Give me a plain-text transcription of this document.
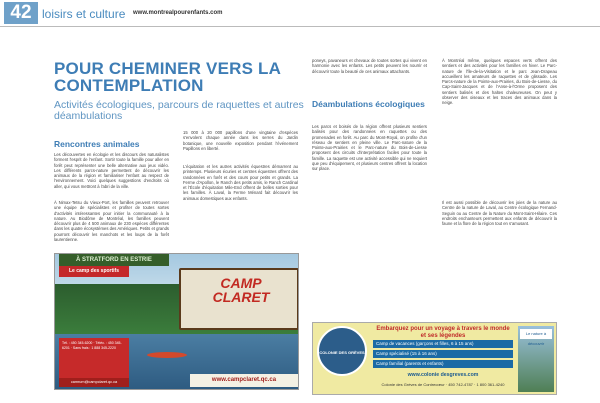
42 loisirs et culture www.montrealpourenfants.com
POUR CHEMINER VERS LA CONTEMPLATION
Activités écologiques, parcours de raquettes et autres déambulations
Rencontres animales
Les découvertes en écologie et les discours des naturalistes forment l'esprit de l'enfant. Sortir toute la famille pour aller en forêt peut représenter une belle alternative aux jeux vidéo. Les différents parcs-nature permettent de découvrir les animaux de la région et familiariser l'enfant au respect de l'environnement. Voici quelques suggestions d'endroits où aller, qui vous mettront à l'abri de la ville.
À Nimax-Tetsu du Vieux-Port, les familles peuvent retrouver une équipe de spécialistes et profiter de toutes sortes d'activités intéressantes pour initier la communauté à la nature. Au Biodôme de Montréal, les familles peuvent découvrir plus de 4 500 animaux de 230 espèces différentes dans les quatre écosystèmes des Amériques. Petits et grands pourront découvrir les manchots et les loups de la forêt laurentienne.
15 000 à 20 000 papillons d'une vingtaine d'espèces s'envolent chaque année dans les serres du Jardin botanique, une nouvelle exposition pendant l'événement Papillons en liberté.
L'équitation et les autres activités équestres démarrent au printemps. Plusieurs écuries et centres équestres offrent des randonnées en forêt et des cours pour petits et grands. La Ferme d'Apollon, le Ranch des petits amis, le Ranch Cardinal et l'École d'équitation Mile-End offrent de belles sorties pour les familles. À Laval, la Ferme Ménard fait découvrir les animaux domestiques aux enfants.
poneys, pavaneurs et chevaux de toutes sortes qui vivent en harmonie avec les enfants. Les petits peuvent les nourrir et découvrir toute la beauté de ces animaux attachants.
Déambulations écologiques
Les parcs et boisés de la région offrent plusieurs sentiers balisés pour des randonnées en raquettes ou des promenades en forêt. Au parc du Mont-Royal, on profite d'un réseau de sentiers en pleine ville. Le Parc-nature de la Pointe-aux-Prairies et le Parc-nature du Bois-de-Liesse proposent des circuits d'interprétation faciles pour toute la famille. La raquette est une activité accessible qui ne requiert que peu d'équipement, et plusieurs centres offrent la location sur place.
À Montréal même, quelques espaces verts offrent des sentiers et des activités pour les familles en hiver. Le Parc-nature de l'Île-de-la-Visitation et le parc Jean-Drapeau accueillent les amateurs de raquettes et de glissade. Les Parcs-nature de la Pointe-aux-Prairies, du Bois-de-Liesse, du Cap-Saint-Jacques et de l'Anse-à-l'Orme proposent des sentiers balisés et des haltes chaleureuses. On peut y observer des oiseaux et les traces des animaux dans la neige.
Il est aussi possible de découvrir les joies de la nature au Centre de la nature de Laval, au Centre écologique Fernand-Seguin ou au Centre de la Nature du Mont-Saint-Hilaire. Ces endroits enchanteurs permettent aux enfants de découvrir la faune et la flore de la région tout en s'amusant.
À STRATFORD EN ESTRIE
Le camp des sportifs
CAMP
CLARET
Tél. : 450 345-6200 · Téléc. : 450 345-6201 · Sans frais : 1 888 345-2220
camrum@campclaret.qc.ca	www.campclaret.qc.ca
COLONIE DES GRÈVES
Embarquez pour un voyage à travers le monde et ses légendes
Camp de vacances (garçons et filles, 6 à 15 ans)
Camp spécialisé (15 à 16 ans)
Camp familial (parents et enfants)
www.colonie desgreves.com
Colonie des Grèves de Contrecœur · 450 742-4787 · 1 800 361-4240
Le nature à découvrir
